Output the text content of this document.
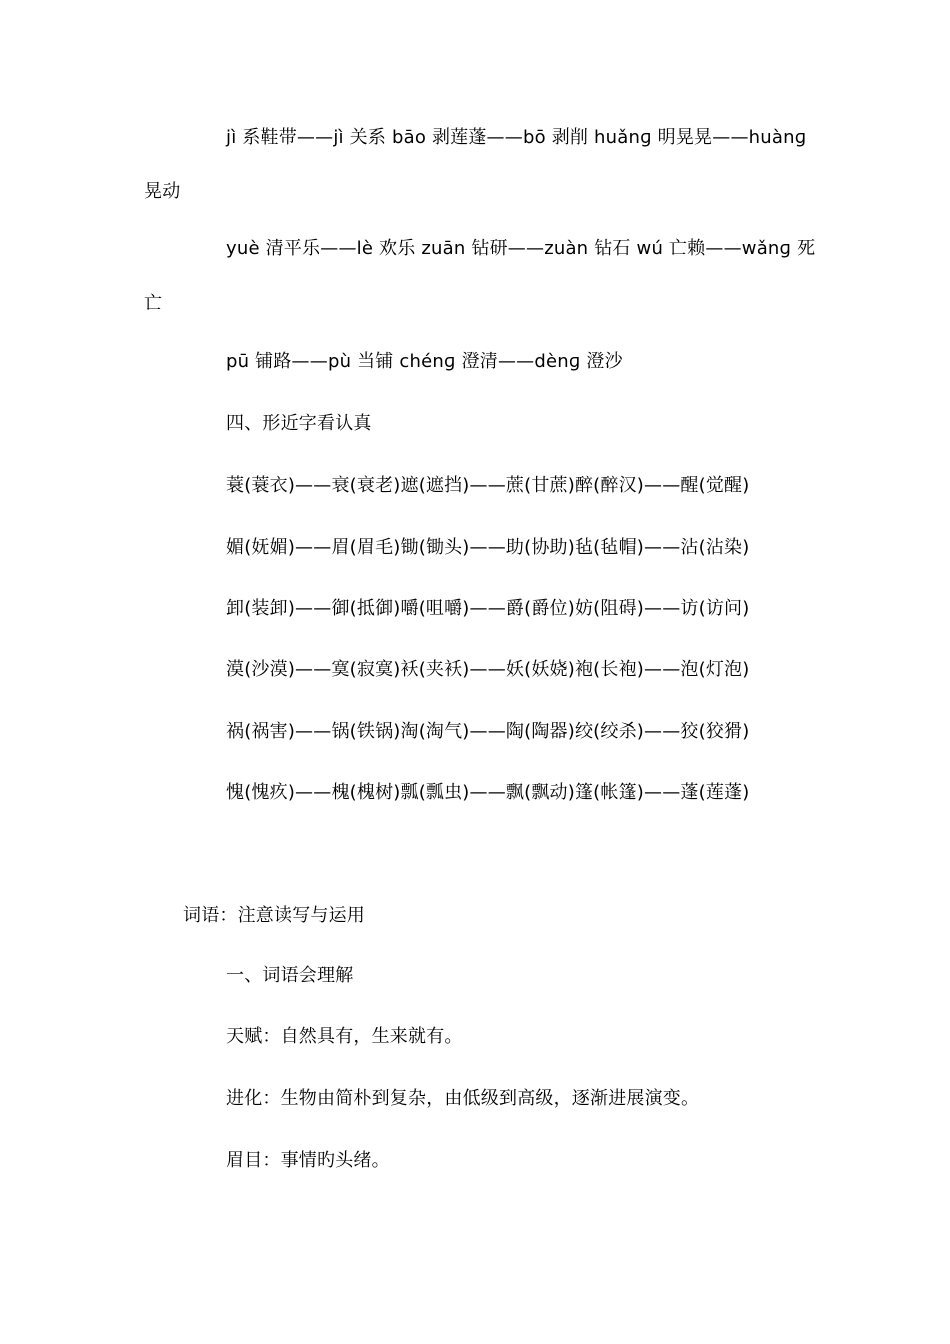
jì 系鞋带——jì 关系 bāo 剥莲蓬——bō 剥削 huǎnɡ 明晃晃——huànɡ
晃动
yuè 清平乐——lè 欢乐 zuān 钻研——zuàn 钻石 wú 亡赖——wǎnɡ 死
亡
pū 铺路——pù 当铺 chénɡ 澄清——dènɡ 澄沙
四、形近字看认真
蓑(蓑衣)——衰(衰老)遮(遮挡)——蔗(甘蔗)醉(醉汉)——醒(觉醒)
媚(妩媚)——眉(眉毛)锄(锄头)——助(协助)毡(毡帽)——沾(沾染)
卸(装卸)——御(抵御)嚼(咀嚼)——爵(爵位)妨(阻碍)——访(访问)
漠(沙漠)——寞(寂寞)袄(夹袄)——妖(妖娆)袍(长袍)——泡(灯泡)
祸(祸害)——锅(铁锅)淘(淘气)——陶(陶器)绞(绞杀)——狡(狡猾)
愧(愧疚)——槐(槐树)瓢(瓢虫)——飘(飘动)篷(帐篷)——蓬(莲蓬)
词语：注意读写与运用
一、词语会理解
天赋：自然具有，生来就有。
进化：生物由简朴到复杂，由低级到高级，逐渐进展演变。
眉目：事情旳头绪。
